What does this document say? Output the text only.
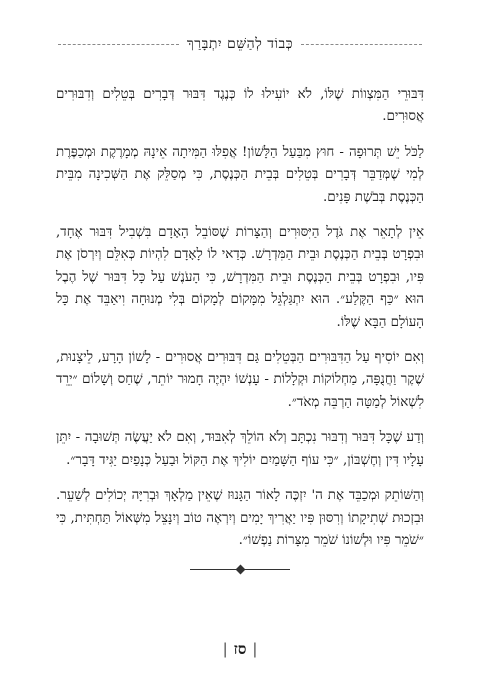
כְּבוֹד לְהַשֵּׁם יִתְבָּרַךְ

דִּבּוּרֵי הַמִּצְווֹת שֶׁלּוֹ, לֹא יוֹעִילוּ לוֹ כְּנֶגֶד דִּבּוּר דְּבָרִים בְּטֵלִים וְדִבּוּרִים אֲסוּרִים.

לַכֹּל יֵשׁ תְּרוּפָה - חוּץ מִבַּעַל הַלָּשׁוֹן! אֲפִלּוּ הַמִּיתָה אֵינָהּ מְמָרֶקֶת וּמְכַפֶּרֶת לְמִי שֶׁמְּדַבֵּר דְּבָרִים בְּטֵלִים בְּבֵית הַכְּנֶסֶת, כִּי מְסַלֵּק אֶת הַשְּׁכִינָה מִבֵּית הַכְּנֶסֶת בְּבֹשֶׁת פָּנִים.

אֵין לְתָאֵר אֶת גֹּדֶל הַיִּסּוּרִים וְהַצָּרוֹת שֶׁסּוֹבֵל הָאָדָם בִּשְׁבִיל דִּבּוּר אֶחָד, וּבִפְרָט בְּבֵית הַכְּנֶסֶת וּבֵית הַמִּדְרָשׁ. כְּדַאי לוֹ לָאָדָם לִהְיוֹת כְּאִלֵּם וְיִרְסֹן אֶת פִּיו, וּבִפְרָט בְּבֵית הַכְּנֶסֶת וּבֵית הַמִּדְרָשׁ, כִּי הָעֹנֶשׁ עַל כָּל דִּבּוּר שֶׁל הֶבֶל הוּא ״כַּף הַקֶּלַע״. הוּא יִתְגַּלְגֵּל מִמָּקוֹם לְמָקוֹם בְּלִי מְנוּחָה וִיאַבֵּד אֶת כָּל הָעוֹלָם הַבָּא שֶׁלּוֹ.

וְאִם יוֹסִיף עַל הַדִּבּוּרִים הַבְּטֵלִים גַּם דִּבּוּרִים אֲסוּרִים - לָשׁוֹן הָרָע, לֵיצָנוּת, שֶׁקֶר וַחֲנֻפָּה, מַחְלוֹקוֹת וּקְלָלוֹת - עָנְשׁוֹ יִהְיֶה חָמוּר יוֹתֵר, שֶׁחַס וְשָׁלוֹם ״יֵרֵד לִשְׁאוֹל לְמַטָּה הַרְבֵּה מְאֹד״.

וְדַע שֶׁכָּל דִּבּוּר וְדִבּוּר נִכְתָּב וְלֹא הוֹלֵךְ לְאִבּוּד, וְאִם לֹא יַעֲשֶׂה תְּשׁוּבָה - יִתֵּן עָלָיו דִּין וְחֶשְׁבּוֹן, ״כִּי עוֹף הַשָּׁמַיִם יוֹלִיךְ אֶת הַקּוֹל וּבַעַל כְּנָפַיִם יַגִּיד דָּבָר״.

וְהַשּׁוֹתֵק וּמְכַבֵּד אֶת ה' יִזְכֶּה לָאוֹר הַגָּנוּז שֶׁאֵין מַלְאָךְ וּבְרִיָּה יְכוֹלִים לְשַׁעֵר. וּבִזְכוּת שְׁתִיקָתוֹ וְרִסּוּן פִּיו יַאֲרִיךְ יָמִים וְיִרְאֶה טוֹב וְיִנָּצֵל מִשְּׁאוֹל תַּחְתִּית, כִּי ״שֹׁמֵר פִּיו וּלְשׁוֹנוֹ שֹׁמֵר מִצָּרוֹת נַפְשׁוֹ״.

|סז|
